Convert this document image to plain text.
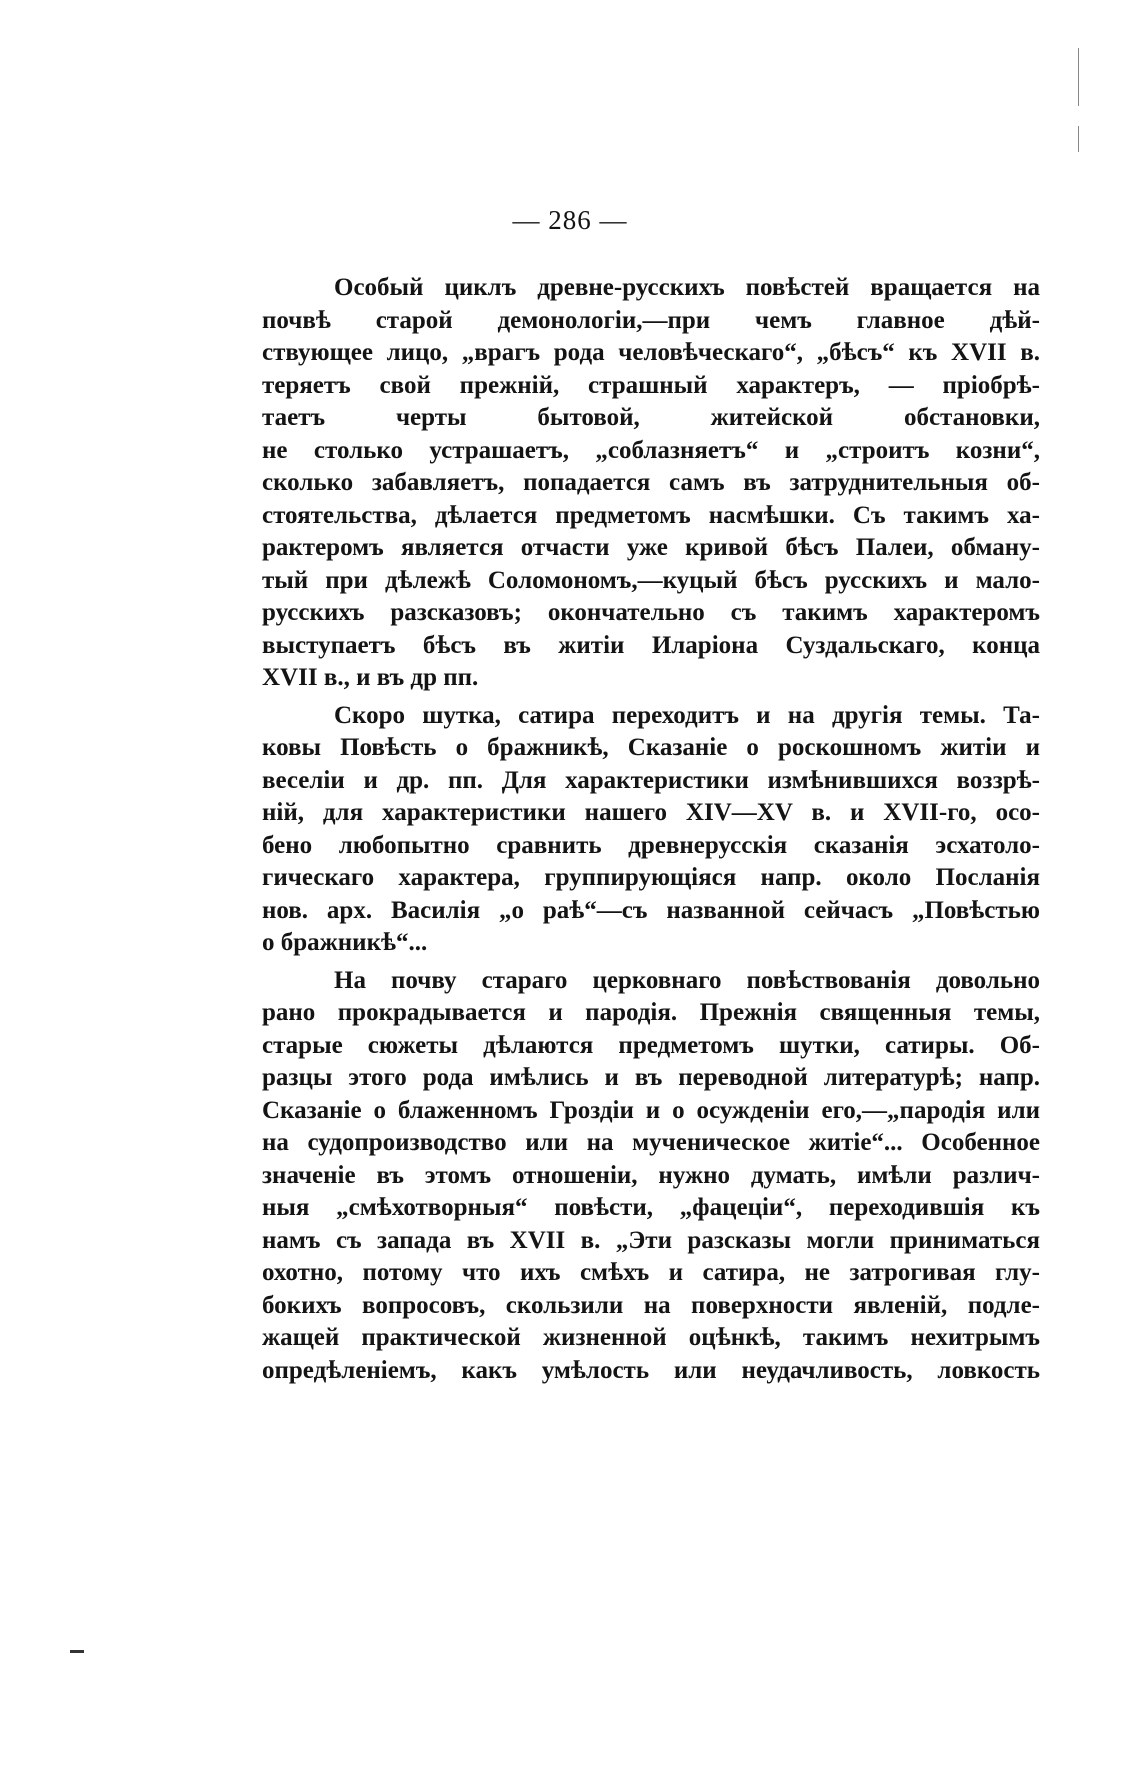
— 286 —
Особый циклъ древне-русскихъ повѣстей вращается на
почвѣ старой демонологіи,—при чемъ главное дѣй-
ствующее лицо, „врагъ рода человѣческаго“, „бѣсъ“ къ XVII в.
теряетъ свой прежній, страшный характеръ, — пріобрѣ-
таетъ черты бытовой, житейской обстановки,
не столько устрашаетъ, „соблазняетъ“ и „строитъ козни“,
сколько забавляетъ, попадается самъ въ затруднительныя об-
стоятельства, дѣлается предметомъ насмѣшки. Съ такимъ ха-
рактеромъ является отчасти уже кривой бѣсъ Палеи, обману-
тый при дѣлежѣ Соломономъ,—куцый бѣсъ русскихъ и мало-
русскихъ разсказовъ; окончательно съ такимъ характеромъ
выступаетъ бѣсъ въ житіи Иларіона Суздальскаго, конца
XVII в., и въ др пп.
Скоро шутка, сатира переходитъ и на другія темы. Та-
ковы Повѣсть о бражникѣ, Сказаніе о роскошномъ житіи и
веселіи и др. пп. Для характеристики измѣнившихся воззрѣ-
ній, для характеристики нашего XIV—XV в. и XVII-го, осо-
бено любопытно сравнить древнерусскія сказанія эсхатоло-
гическаго характера, группирующіяся напр. около Посланія
нов. арх. Василія „о раѣ“—съ названной сейчасъ „Повѣстью
о бражникѣ“...
На почву стараго церковнаго повѣствованія довольно
рано прокрадывается и пародія. Прежнія священныя темы,
старые сюжеты дѣлаются предметомъ шутки, сатиры. Об-
разцы этого рода имѣлись и въ переводной литературѣ; напр.
Сказаніе о блаженномъ Гроздіи и о осужденіи его,—„пародія или
на судопроизводство или на мученическое житіе“... Особенное
значеніе въ этомъ отношеніи, нужно думать, имѣли различ-
ныя „смѣхотворныя“ повѣсти, „фацеціи“, переходившія къ
намъ съ запада въ XVII в. „Эти разсказы могли приниматься
охотно, потому что ихъ смѣхъ и сатира, не затрогивая глу-
бокихъ вопросовъ, скользили на поверхности явленій, подле-
жащей практической жизненной оцѣнкѣ, такимъ нехитрымъ
опредѣленіемъ, какъ умѣлость или неудачливость, ловкость
